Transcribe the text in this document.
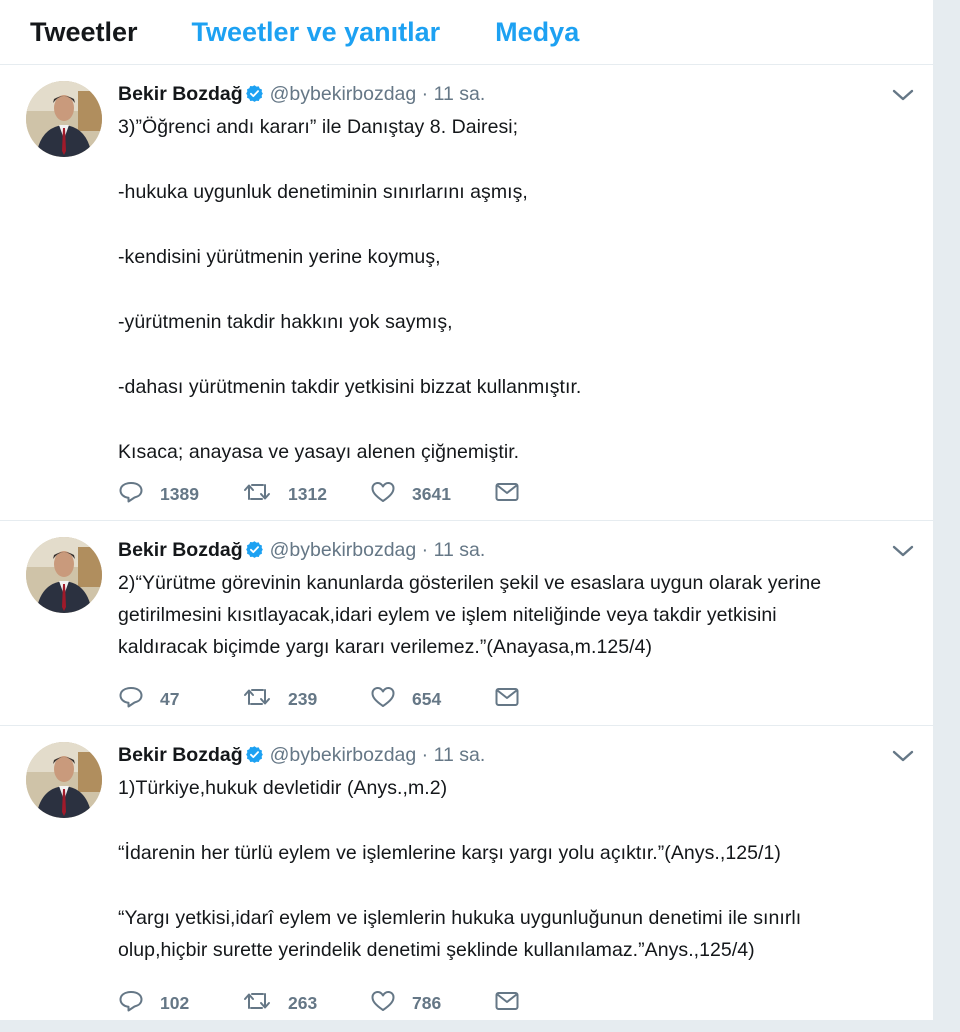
Tweetler Tweetler ve yanıtlar Medya
Bekir Bozdağ @bybekirbozdag · 11 sa.

3)”Öğrenci andı kararı” ile Danıştay 8. Dairesi;

-hukuka uygunluk denetiminin sınırlarını aşmış,

-kendisini yürütmenin yerine koymuş,

-yürütmenin takdir hakkını yok saymış,

-dahası yürütmenin takdir yetkisini bizzat kullanmıştır.

Kısaca; anayasa ve yasayı alenen çiğnemiştir.

1389	1312	3641
Bekir Bozdağ @bybekirbozdag · 11 sa.

2)“Yürütme görevinin kanunlarda gösterilen şekil ve esaslara uygun olarak yerine

getirilmesini kısıtlayacak,idari eylem ve işlem niteliğinde veya takdir yetkisini

kaldıracak biçimde yargı kararı verilemez.”(Anayasa,m.125/4)

47	239	654
Bekir Bozdağ @bybekirbozdag · 11 sa.

1)Türkiye,hukuk devletidir (Anys.,m.2)

“İdarenin her türlü eylem ve işlemlerine karşı yargı yolu açıktır.”(Anys.,125/1)

“Yargı yetkisi,idarî eylem ve işlemlerin hukuka uygunluğunun denetimi ile sınırlı

olup,hiçbir surette yerindelik denetimi şeklinde kullanılamaz.”Anys.,125/4)

102	263	786
